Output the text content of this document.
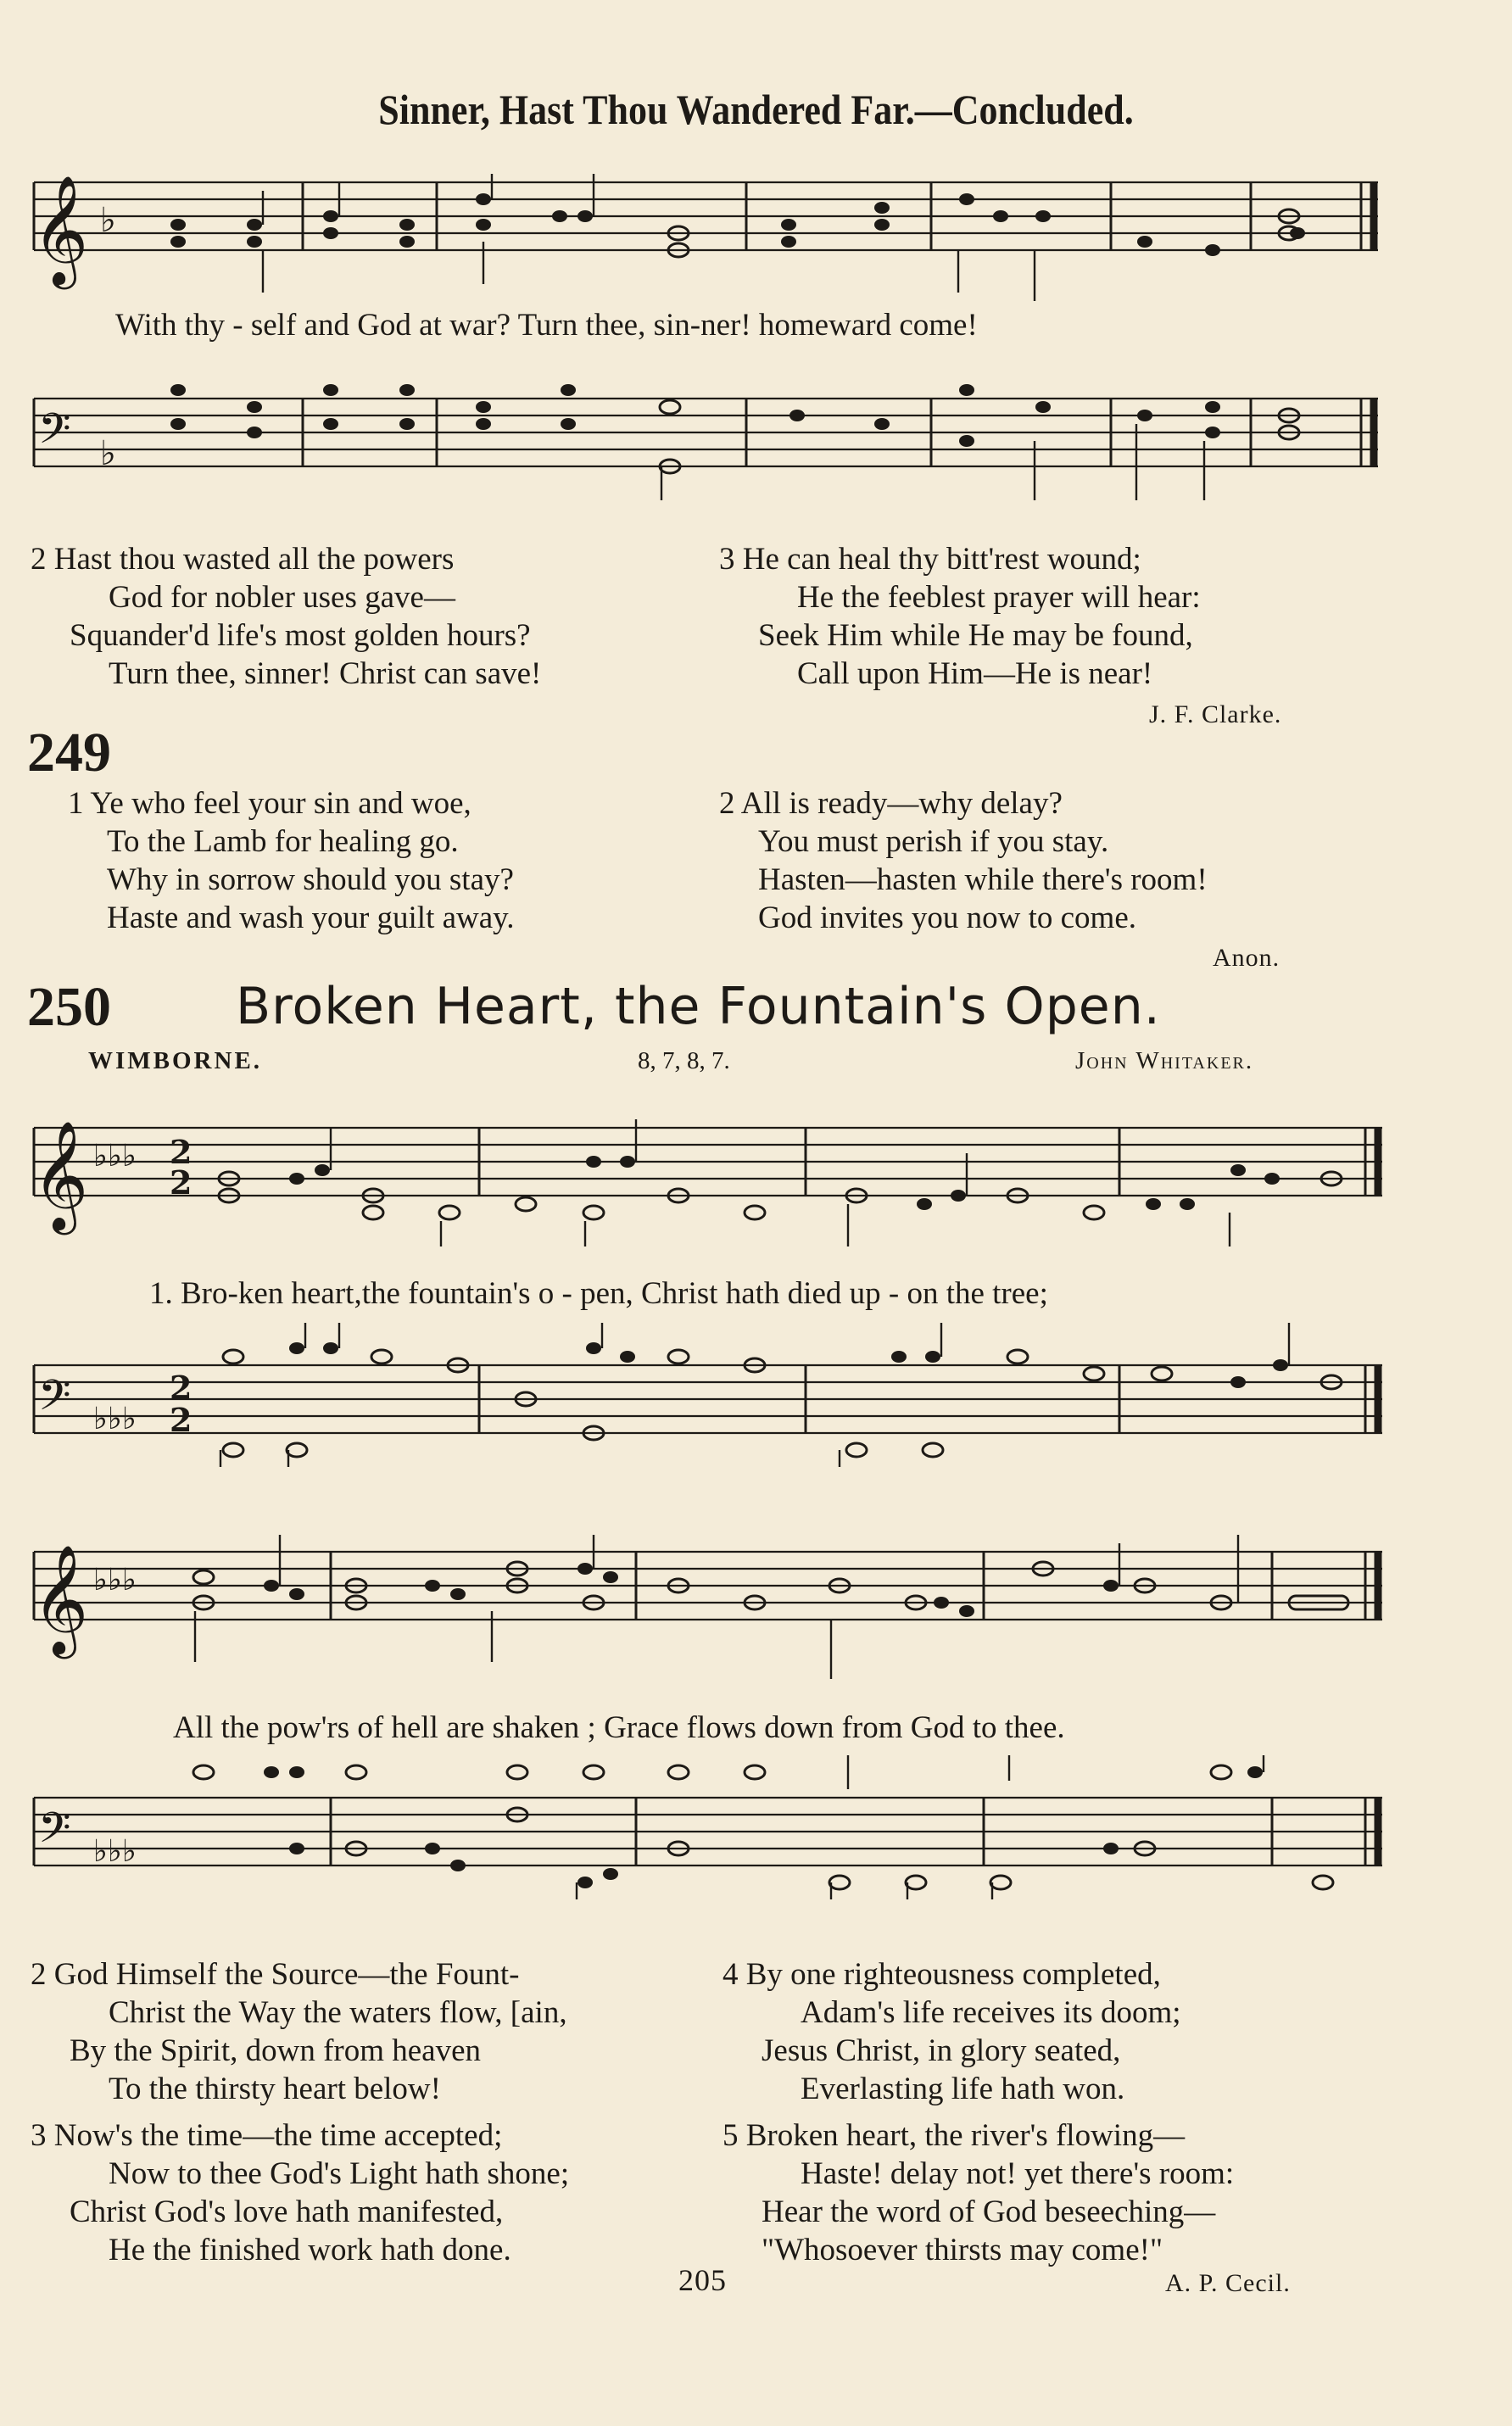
Sinner, Hast Thou Wandered Far.—Concluded.
𝄞 ♭
With thy - self and God at war? Turn thee, sin-ner! homeward come!
𝄢 ♭
2 Hast thou wasted all the powers
God for nobler uses gave—
Squander'd life's most golden hours?
Turn thee, sinner! Christ can save!
3 He can heal thy bitt'rest wound;
He the feeblest prayer will hear:
Seek Him while He may be found,
Call upon Him—He is near!
J. F. Clarke.
249
1 Ye who feel your sin and woe,
To the Lamb for healing go.
Why in sorrow should you stay?
Haste and wash your guilt away.
2 All is ready—why delay?
You must perish if you stay.
Hasten—hasten while there's room!
God invites you now to come.
Anon.
250 Broken Heart, the Fountain's Open.
WIMBORNE.	8, 7, 8, 7.	John Whitaker.
𝄞 ♭♭♭ 2
2
1. Bro-ken heart,the fountain's o - pen, Christ hath died up - on the tree;
𝄢 ♭♭♭
2
2
𝄞 ♭♭♭
All the pow'rs of hell are shaken ; Grace flows down from God to thee.
𝄢 ♭♭♭
2 God Himself the Source—the Fount-
Christ the Way the waters flow, [ain,
By the Spirit, down from heaven
To the thirsty heart below!
4 By one righteousness completed,
Adam's life receives its doom;
Jesus Christ, in glory seated,
Everlasting life hath won.
3 Now's the time—the time accepted;
Now to thee God's Light hath shone;
Christ God's love hath manifested,
He the finished work hath done.
5 Broken heart, the river's flowing—
Haste! delay not! yet there's room:
Hear the word of God beseeching—
"Whosoever thirsts may come!"
205	A. P. Cecil.
